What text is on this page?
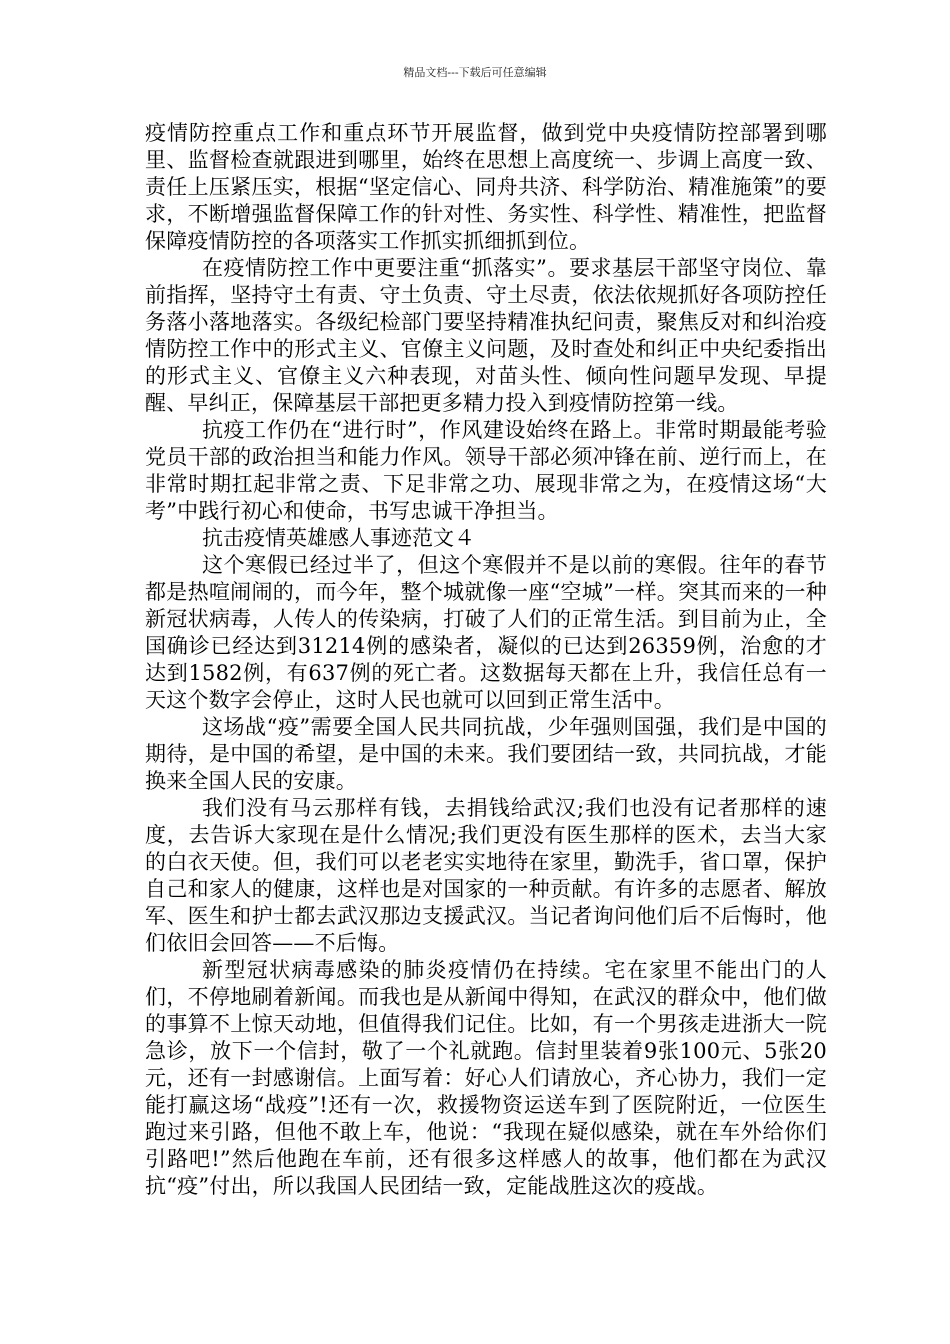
精品文档---下载后可任意编辑

疫情防控重点工作和重点环节开展监督，做到党中央疫情防控部署到哪里、监督检查就跟进到哪里，始终在思想上高度统一、步调上高度一致、责任上压紧压实，根据“坚定信心、同舟共济、科学防治、精准施策”的要求，不断增强监督保障工作的针对性、务实性、科学性、精准性，把监督保障疫情防控的各项落实工作抓实抓细抓到位。

在疫情防控工作中更要注重“抓落实”。要求基层干部坚守岗位、靠前指挥，坚持守土有责、守土负责、守土尽责，依法依规抓好各项防控任务落小落地落实。各级纪检部门要坚持精准执纪问责，聚焦反对和纠治疫情防控工作中的形式主义、官僚主义问题，及时查处和纠正中央纪委指出的形式主义、官僚主义六种表现，对苗头性、倾向性问题早发现、早提醒、早纠正，保障基层干部把更多精力投入到疫情防控第一线。

抗疫工作仍在“进行时”，作风建设始终在路上。非常时期最能考验党员干部的政治担当和能力作风。领导干部必须冲锋在前、逆行而上，在非常时期扛起非常之责、下足非常之功、展现非常之为，在疫情这场“大考”中践行初心和使命，书写忠诚干净担当。

抗击疫情英雄感人事迹范文４

这个寒假已经过半了，但这个寒假并不是以前的寒假。往年的春节都是热喧闹闹的，而今年，整个城就像一座“空城”一样。突其而来的一种新冠状病毒，人传人的传染病，打破了人们的正常生活。到目前为止，全国确诊已经达到31214例的感染者，凝似的已达到26359例，治愈的才达到1582例，有637例的死亡者。这数据每天都在上升，我信任总有一天这个数字会停止，这时人民也就可以回到正常生活中。

这场战“疫”需要全国人民共同抗战，少年强则国强，我们是中国的期待，是中国的希望，是中国的未来。我们要团结一致，共同抗战，才能换来全国人民的安康。

我们没有马云那样有钱，去捐钱给武汉;我们也没有记者那样的速度，去告诉大家现在是什么情况;我们更没有医生那样的医术，去当大家的白衣天使。但，我们可以老老实实地待在家里，勤洗手，省口罩，保护自己和家人的健康，这样也是对国家的一种贡献。有许多的志愿者、解放军、医生和护士都去武汉那边支援武汉。当记者询问他们后不后悔时，他们依旧会回答——不后悔。

新型冠状病毒感染的肺炎疫情仍在持续。宅在家里不能出门的人们，不停地刷着新闻。而我也是从新闻中得知，在武汉的群众中，他们做的事算不上惊天动地，但值得我们记住。比如，有一个男孩走进浙大一院急诊，放下一个信封，敬了一个礼就跑。信封里装着9张100元、5张20元，还有一封感谢信。上面写着：好心人们请放心，齐心协力，我们一定能打赢这场“战疫”!还有一次，救援物资运送车到了医院附近，一位医生跑过来引路，但他不敢上车，他说：“我现在疑似感染，就在车外给你们引路吧!”然后他跑在车前，还有很多这样感人的故事，他们都在为武汉抗“疫”付出，所以我国人民团结一致，定能战胜这次的疫战。
